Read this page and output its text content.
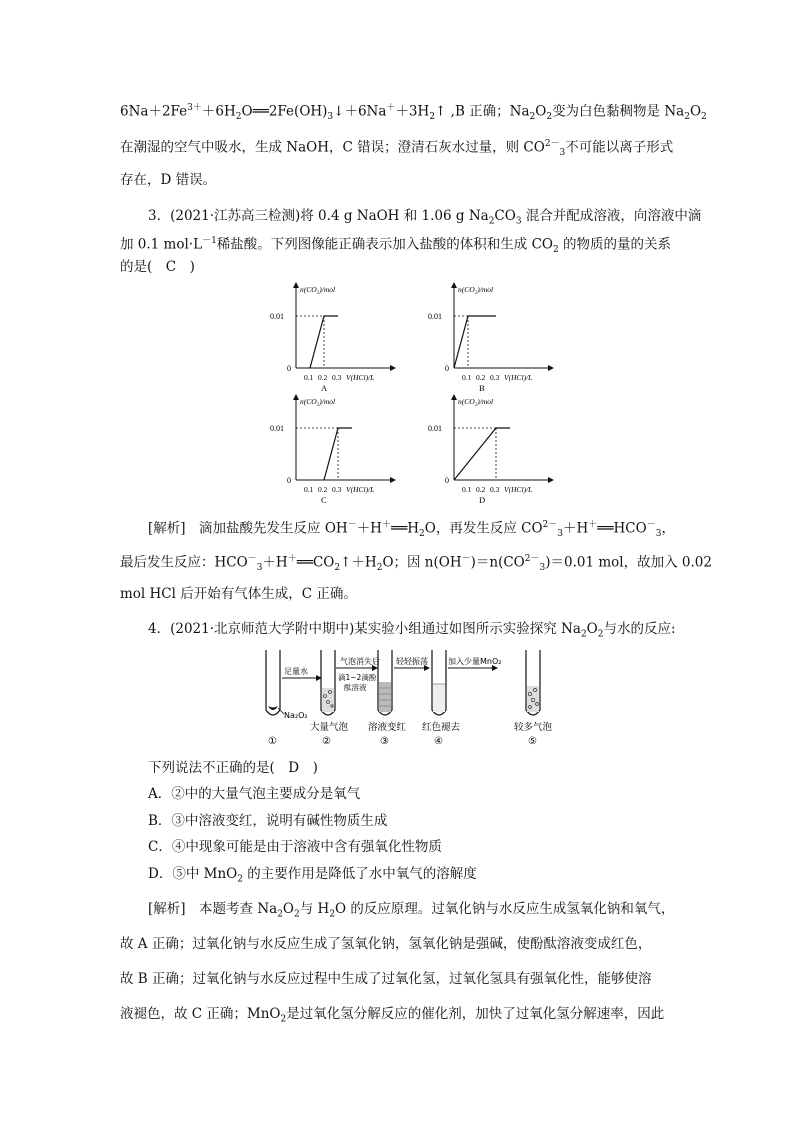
$6Na+2Fe^{3+}+6H_2O══2Fe(OH)_3↓+6Na^++3H_2↑$ ,B 正确；$Na_2O_2$变为白色黏稠物是 $Na_2O_2$
在潮湿的空气中吸水，生成 NaOH，C 错误；澄清石灰水过量，则 $CO^{2-}_3$不可能以离子形式
存在，D 错误。
3．(2021·江苏高三检测)将 0.4 g NaOH 和 1.06 g $Na_2CO_3$ 混合并配成溶液，向溶液中滴
加 0.1 $mol\cdot L^{-1}$稀盐酸。下列图像能正确表示加入盐酸的体积和生成 $CO_2$ 的物质的量的关系
的是(　C　)
n(CO₂)/mol
V(HCl)/L
0.01
0
0.1 0.2 0.3
A
n(CO₂)/mol
V(HCl)/L
0.01
0
0.1 0.2 0.3
B
n(CO₂)/mol
V(HCl)/L
0.01
0
0.1 0.2 0.3
C
n(CO₂)/mol
V(HCl)/L
0.01
0
0.1 0.2 0.3
D
[解析]　滴加盐酸先发生反应 $OH^-+H^+══H_2O$，再发生反应 $CO^{2-}_3+H^+══HCO^-_3$，
最后发生反应：$HCO^-_3+H^+══CO_2↑+H_2O$；因 $n(OH^-)=n(CO^{2-}_3)=0.01$ mol，故加入 0.02
mol HCl 后开始有气体生成，C 正确。
4．(2021·北京师范大学附中期中)某实验小组通过如图所示实验探究 $Na_2O_2$与水的反应:
Na₂O₂
足量水
气泡消失后
滴1~2滴酚
酞溶液
轻轻振荡	加入少量MnO₂
大量气泡 溶液变红 红色褪去	较多气泡
①	②	③	④	⑤
下列说法不正确的是(　D　)
A．②中的大量气泡主要成分是氧气
B．③中溶液变红，说明有碱性物质生成
C．④中现象可能是由于溶液中含有强氧化性物质
D．⑤中 MnO$_2$ 的主要作用是降低了水中氧气的溶解度
[解析]　本题考查 $Na_2O_2$与 $H_2O$ 的反应原理。过氧化钠与水反应生成氢氧化钠和氧气，
故 A 正确；过氧化钠与水反应生成了氢氧化钠，氢氧化钠是强碱，使酚酞溶液变成红色，
故 B 正确；过氧化钠与水反应过程中生成了过氧化氢，过氧化氢具有强氧化性，能够使溶
液褪色，故 C 正确；MnO$_2$是过氧化氢分解反应的催化剂，加快了过氧化氢分解速率，因此
